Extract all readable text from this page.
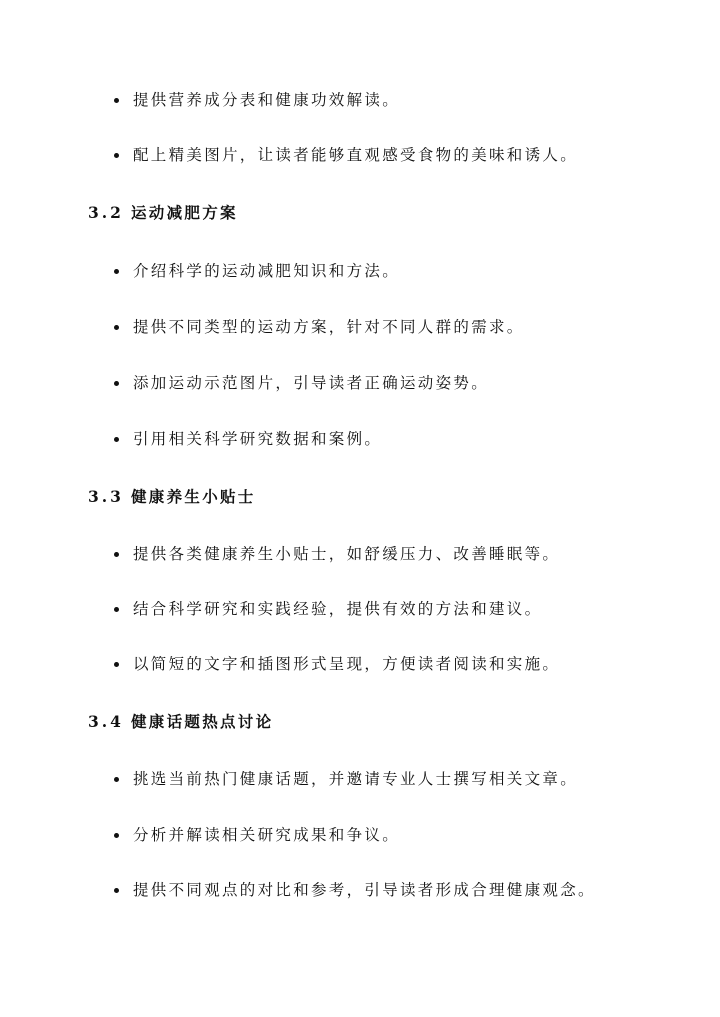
提供营养成分表和健康功效解读。
配上精美图片，让读者能够直观感受食物的美味和诱人。
3.2 运动减肥方案
介绍科学的运动减肥知识和方法。
提供不同类型的运动方案，针对不同人群的需求。
添加运动示范图片，引导读者正确运动姿势。
引用相关科学研究数据和案例。
3.3 健康养生小贴士
提供各类健康养生小贴士，如舒缓压力、改善睡眠等。
结合科学研究和实践经验，提供有效的方法和建议。
以简短的文字和插图形式呈现，方便读者阅读和实施。
3.4 健康话题热点讨论
挑选当前热门健康话题，并邀请专业人士撰写相关文章。
分析并解读相关研究成果和争议。
提供不同观点的对比和参考，引导读者形成合理健康观念。
